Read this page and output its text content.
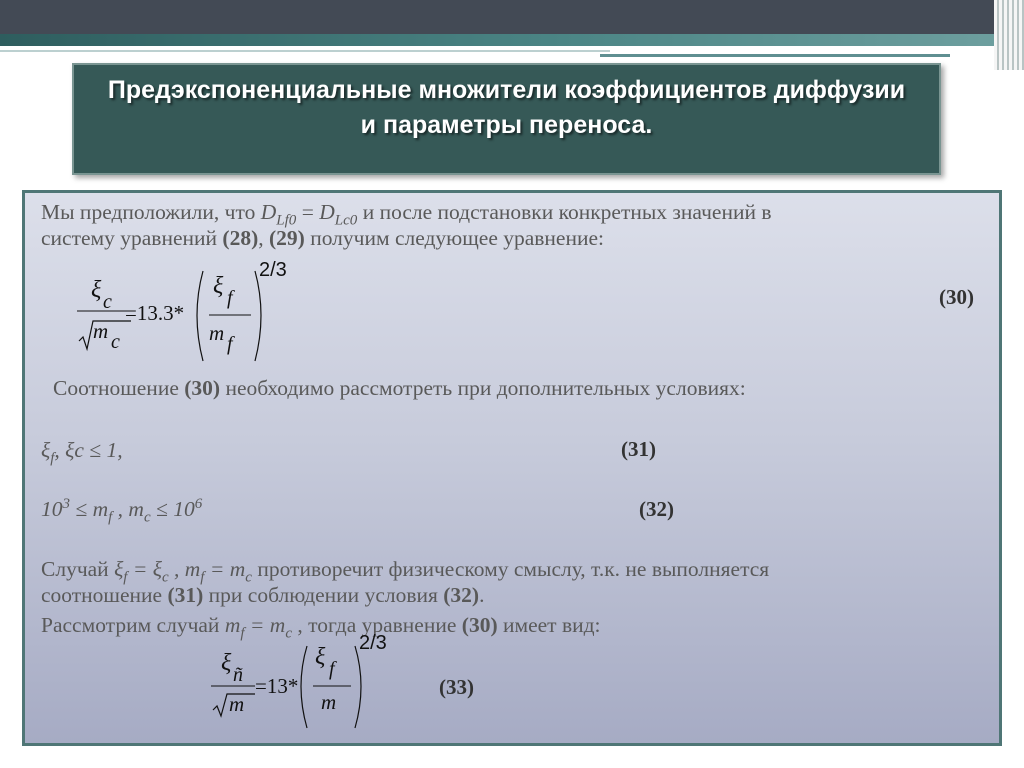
Предэкспоненциальные множители коэффициентов диффузии
и параметры переноса.
Мы предположили, что $D_{Lf0} = D_{Lc0}$ и после подстановки конкретных значений в
систему уравнений (28), (29) получим следующее уравнение:
ξ c
m c
=13.3*
ξ f
m f
2/3
(30)
Соотношение (30) необходимо рассмотреть при дополнительных условиях:
$\xi_f$, ξc ≤ 1,	(31)
$10^3 \le m_f$ , $m_c \le 10^6$	(32)
Случай $\xi_f = \xi_c$ , $m_f = m_c$ противоречит физическому смыслу, т.к. не выполняется
соотношение (31) при соблюдении условия (32).
Рассмотрим случай $m_f = m_c$ , тогда уравнение (30) имеет вид:
ξ ñ
m
=13*
ξ f
m
2/3
(33)
